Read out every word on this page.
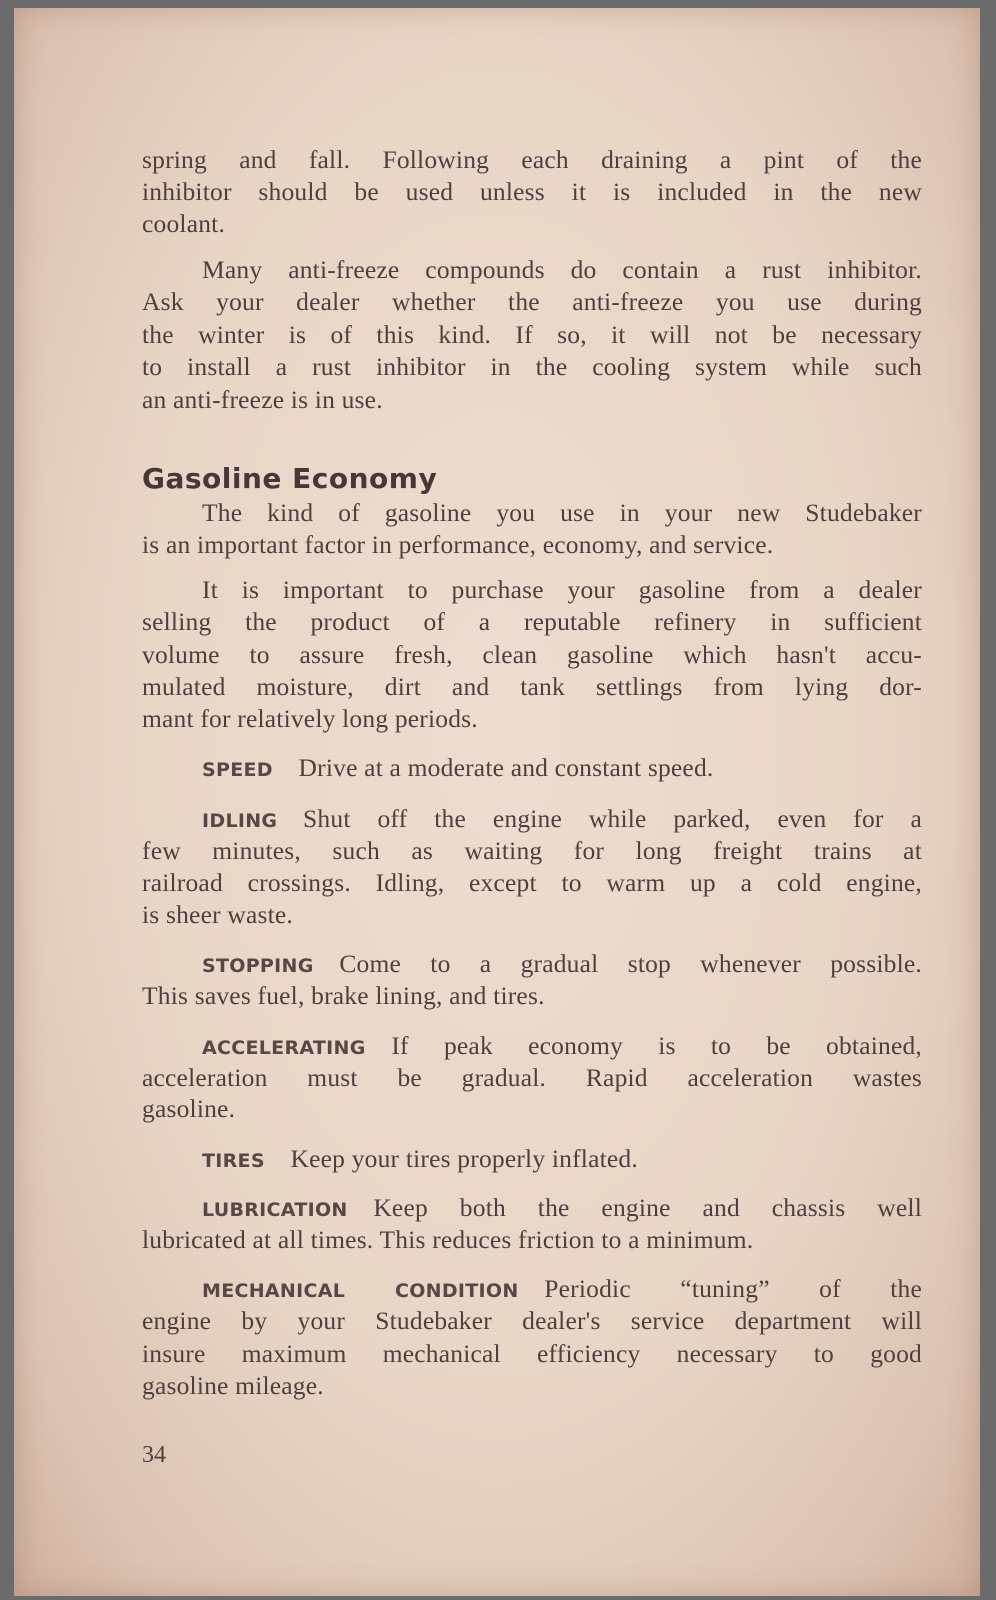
Gasoline Economy
34
spring and fall. Following each draining a pint of the
inhibitor should be used unless it is included in the new
coolant.
Many anti-freeze compounds do contain a rust inhibitor.
Ask your dealer whether the anti-freeze you use during
the winter is of this kind. If so, it will not be necessary
to install a rust inhibitor in the cooling system while such
an anti-freeze is in use.
The kind of gasoline you use in your new Studebaker
is an important factor in performance, economy, and service.
It is important to purchase your gasoline from a dealer
selling the product of a reputable refinery in sufficient
volume to assure fresh, clean gasoline which hasn't accu-
mulated moisture, dirt and tank settlings from lying dor-
mant for relatively long periods.
SPEED  Drive at a moderate and constant speed.
IDLING  Shut off the engine while parked, even for a
few minutes, such as waiting for long freight trains at
railroad crossings. Idling, except to warm up a cold engine,
is sheer waste.
STOPPING  Come to a gradual stop whenever possible.
This saves fuel, brake lining, and tires.
ACCELERATING  If peak economy is to be obtained,
acceleration must be gradual. Rapid acceleration wastes
gasoline.
TIRES  Keep your tires properly inflated.
LUBRICATION  Keep both the engine and chassis well
lubricated at all times. This reduces friction to a minimum.
MECHANICAL CONDITION  Periodic “tuning” of the
engine by your Studebaker dealer's service department will
insure maximum mechanical efficiency necessary to good
gasoline mileage.
